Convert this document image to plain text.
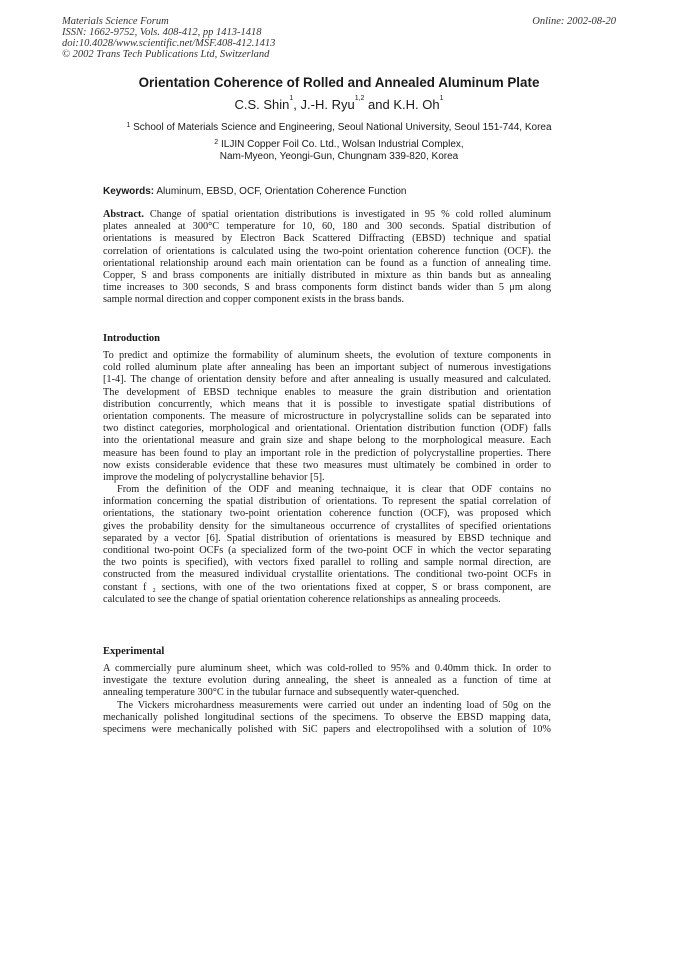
Materials Science Forum
ISSN: 1662-9752, Vols. 408-412, pp 1413-1418
doi:10.4028/www.scientific.net/MSF.408-412.1413
© 2002 Trans Tech Publications Ltd, Switzerland
Online: 2002-08-20
Orientation Coherence of Rolled and Annealed Aluminum Plate
C.S. Shin$^1$, J.-H. Ryu$^{1,2}$ and K.H. Oh$^1$
$^1$ School of Materials Science and Engineering, Seoul National University, Seoul 151-744, Korea
$^2$ ILJIN Copper Foil Co. Ltd., Wolsan Industrial Complex,
Nam-Myeon, Yeongi-Gun, Chungnam 339-820, Korea
Keywords: Aluminum, EBSD, OCF, Orientation Coherence Function
Abstract. Change of spatial orientation distributions is investigated in 95 % cold rolled aluminum
plates annealed at 300°C temperature for 10, 60, 180 and 300 seconds. Spatial distribution of
orientations is measured by Electron Back Scattered Diffracting (EBSD) technique and spatial
correlation of orientations is calculated using the two-point orientation coherence function (OCF). the
orientational relationship around each main orientation can be found as a function of annealing time.
Copper, S and brass components are initially distributed in mixture as thin bands but as annealing
time increases to 300 seconds, S and brass components form distinct bands wider than 5 μm along
sample normal direction and copper component exists in the brass bands.
Introduction
To predict and optimize the formability of aluminum sheets, the evolution of texture components in
cold rolled aluminum plate after annealing has been an important subject of numerous investigations
[1-4]. The change of orientation density before and after annealing is usually measured and calculated.
The development of EBSD technique enables to measure the grain distribution and orientation
distribution concurrently, which means that it is possible to investigate spatial distributions of
orientation components. The measure of microstructure in polycrystalline solids can be separated into
two distinct categories, morphological and orientational. Orientation distribution function (ODF) falls
into the orientational measure and grain size and shape belong to the morphological measure. Each
measure has been found to play an important role in the prediction of polycrystalline properties. There
now exists considerable evidence that these two measures must ultimately be combined in order to
improve the modeling of polycrystalline behavior [5].
From the definition of the ODF and meaning technaique, it is clear that ODF contains no
information concerning the spatial distribution of orientations. To represent the spatial correlation of
orientations, the stationary two-point orientation coherence function (OCF), was proposed which
gives the probability density for the simultaneous occurrence of crystallites of specified orientations
separated by a vector [6]. Spatial distribution of orientations is measured by EBSD technique and
conditional two-point OCFs (a specialized form of the two-point OCF in which the vector separating
the two points is specified), with vectors fixed parallel to rolling and sample normal direction, are
constructed from the measured individual crystallite orientations. The conditional two-point OCFs in
constant f ₂ sections, with one of the two orientations fixed at copper, S or brass component, are
calculated to see the change of spatial orientation coherence relationships as annealing proceeds.
Experimental
A commercially pure aluminum sheet, which was cold-rolled to 95% and 0.40mm thick. In order to
investigate the texture evolution during annealing, the sheet is annealed as a function of time at
annealing temperature 300°C in the tubular furnace and subsequently water-quenched.
The Vickers microhardness measurements were carried out under an indenting load of 50g on the
mechanically polished longitudinal sections of the specimens. To observe the EBSD mapping data,
specimens were mechanically polished with SiC papers and electropolihsed with a solution of 10%
